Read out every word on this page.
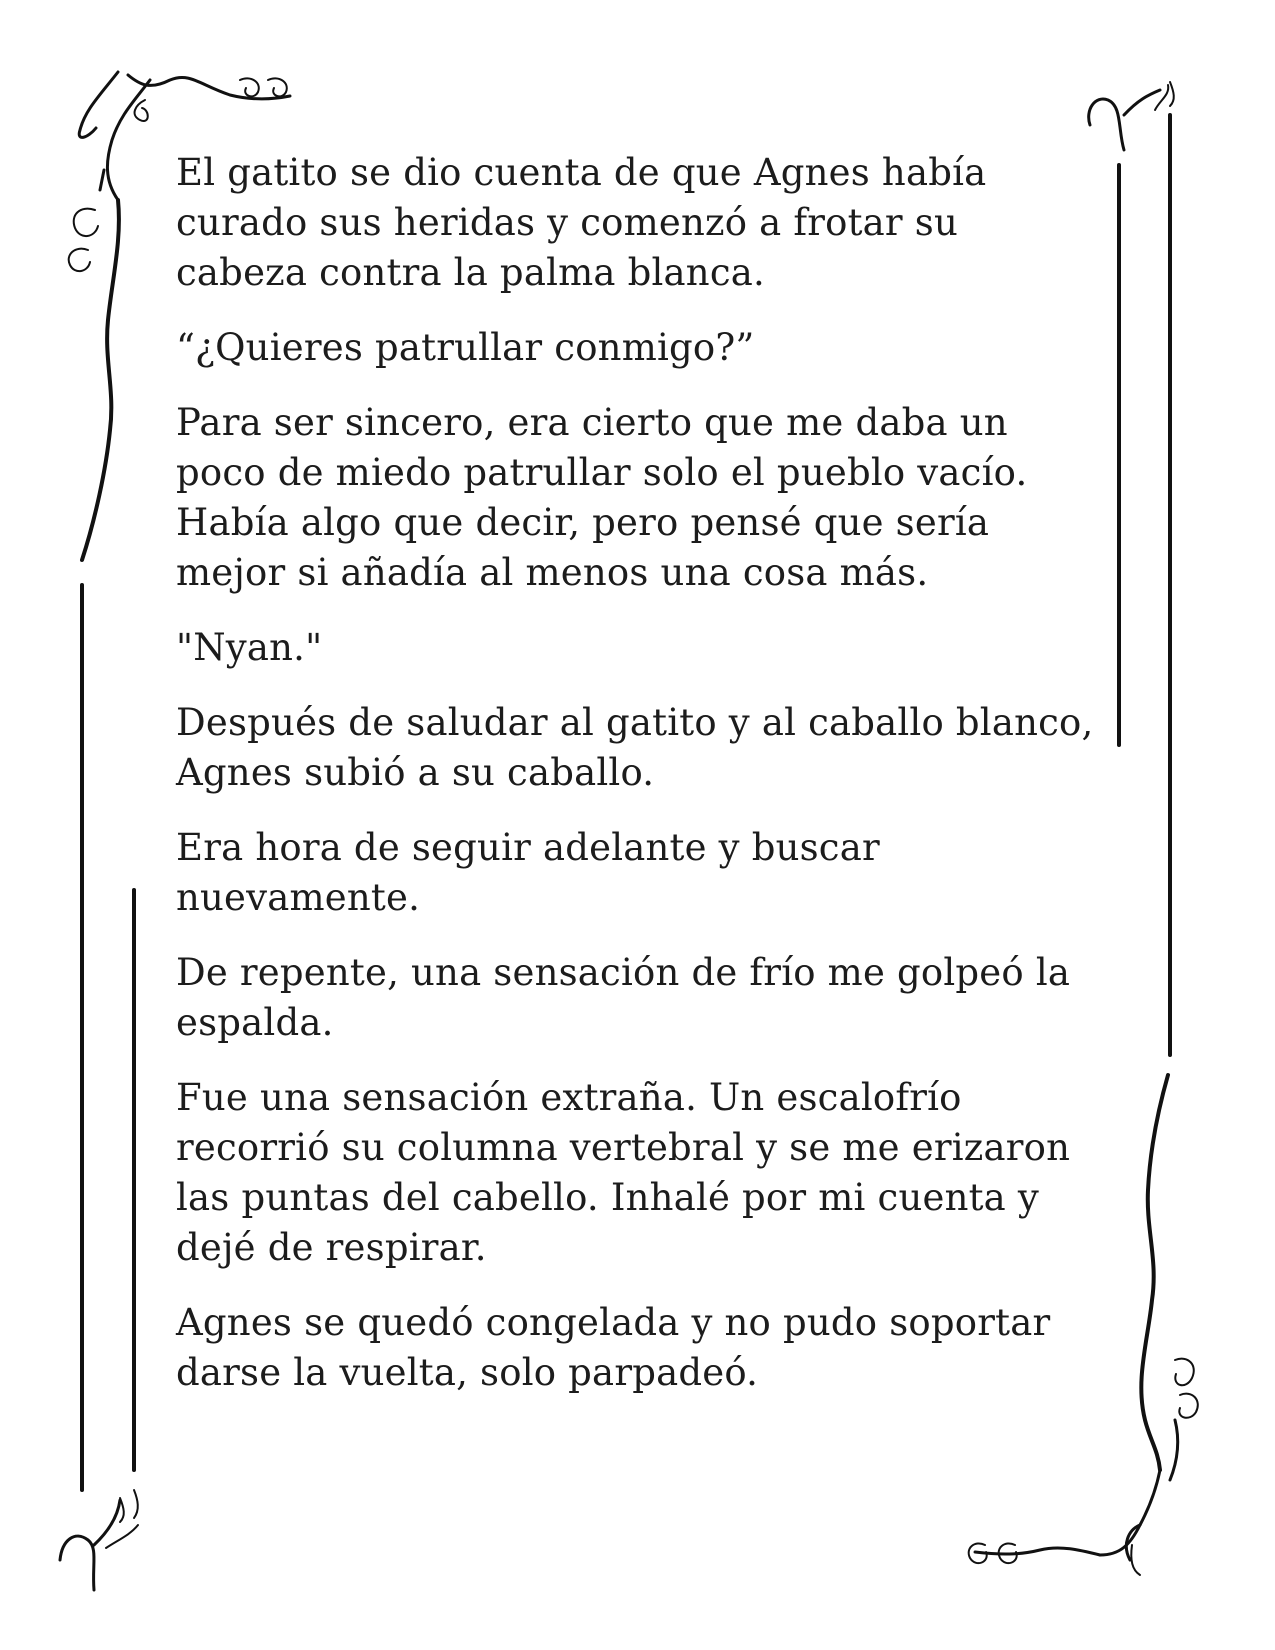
El gatito se dio cuenta de que Agnes había curado sus heridas y comenzó a frotar su cabeza contra la palma blanca.

“¿Quieres patrullar conmigo?”

Para ser sincero, era cierto que me daba un poco de miedo patrullar solo el pueblo vacío. Había algo que decir, pero pensé que sería mejor si añadía al menos una cosa más.

"Nyan."

Después de saludar al gatito y al caballo blanco, Agnes subió a su caballo.

Era hora de seguir adelante y buscar nuevamente.

De repente, una sensación de frío me golpeó la espalda.

Fue una sensación extraña. Un escalofrío recorrió su columna vertebral y se me erizaron las puntas del cabello. Inhalé por mi cuenta y dejé de respirar.

Agnes se quedó congelada y no pudo soportar darse la vuelta, solo parpadeó.
